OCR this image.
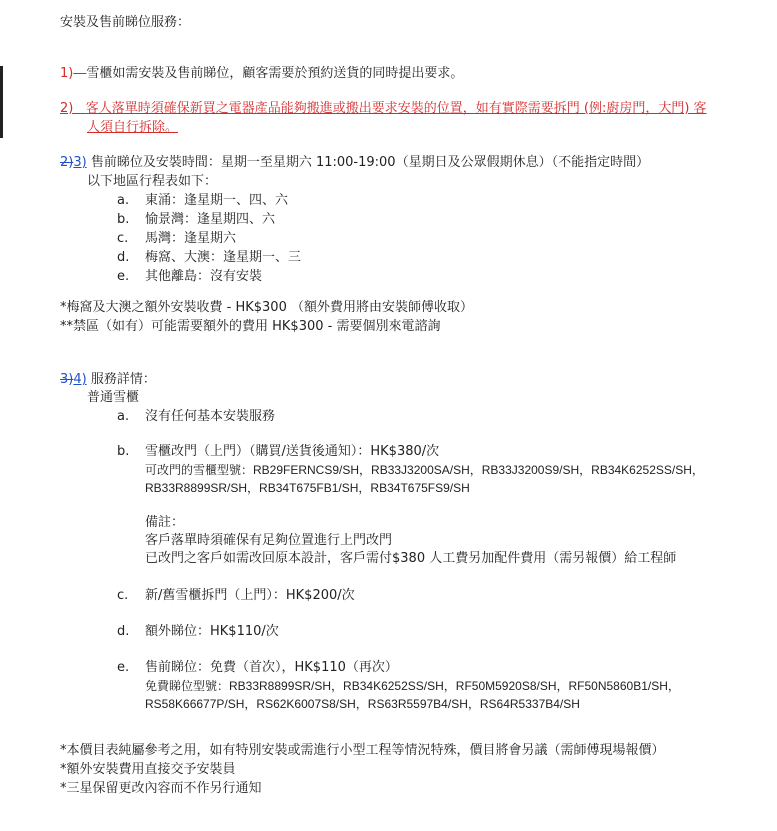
安裝及售前睇位服務：
1)—雪櫃如需安裝及售前睇位，顧客需要於預約送貨的同時提出要求。
2) 客人落單時須確保新買之電器產品能夠搬進或搬出要求安裝的位置，如有實際需要拆門 (例:廚房門，大門) 客
人須自行拆除。
2)3) 售前睇位及安裝時間：星期一至星期六 11:00-19:00（星期日及公眾假期休息）（不能指定時間）
以下地區行程表如下：
a. 東涌：逢星期一、四、六
b. 愉景灣：逢星期四、六
c. 馬灣：逢星期六
d. 梅窩、大澳：逢星期一、三
e. 其他離島：沒有安裝
*梅窩及大澳之額外安裝收費 - HK$300 （額外費用將由安裝師傅收取）
**禁區（如有）可能需要額外的費用 HK$300 - 需要個別來電諮詢
3)4) 服務詳情：
普通雪櫃
a. 沒有任何基本安裝服務
b. 雪櫃改門（上門）（購買/送貨後通知）：HK$380/次
可改門的雪櫃型號：RB29FERNCS9/SH，RB33J3200SA/SH，RB33J3200S9/SH，RB34K6252SS/SH，
RB33R8899SR/SH，RB34T675FB1/SH，RB34T675FS9/SH
備註：
客戶落單時須確保有足夠位置進行上門改門
已改門之客戶如需改回原本設計，客戶需付$380 人工費另加配件費用（需另報價）給工程師
c. 新/舊雪櫃拆門（上門）：HK$200/次
d. 額外睇位：HK$110/次
e. 售前睇位：免費（首次），HK$110（再次）
免費睇位型號：RB33R8899SR/SH，RB34K6252SS/SH，RF50M5920S8/SH，RF50N5860B1/SH，
RS58K66677P/SH，RS62K6007S8/SH，RS63R5597B4/SH，RS64R5337B4/SH
*本價目表純屬參考之用，如有特別安裝或需進行小型工程等情況特殊，價目將會另議（需師傅現場報價）
*額外安裝費用直接交予安裝員
*三星保留更改內容而不作另行通知
